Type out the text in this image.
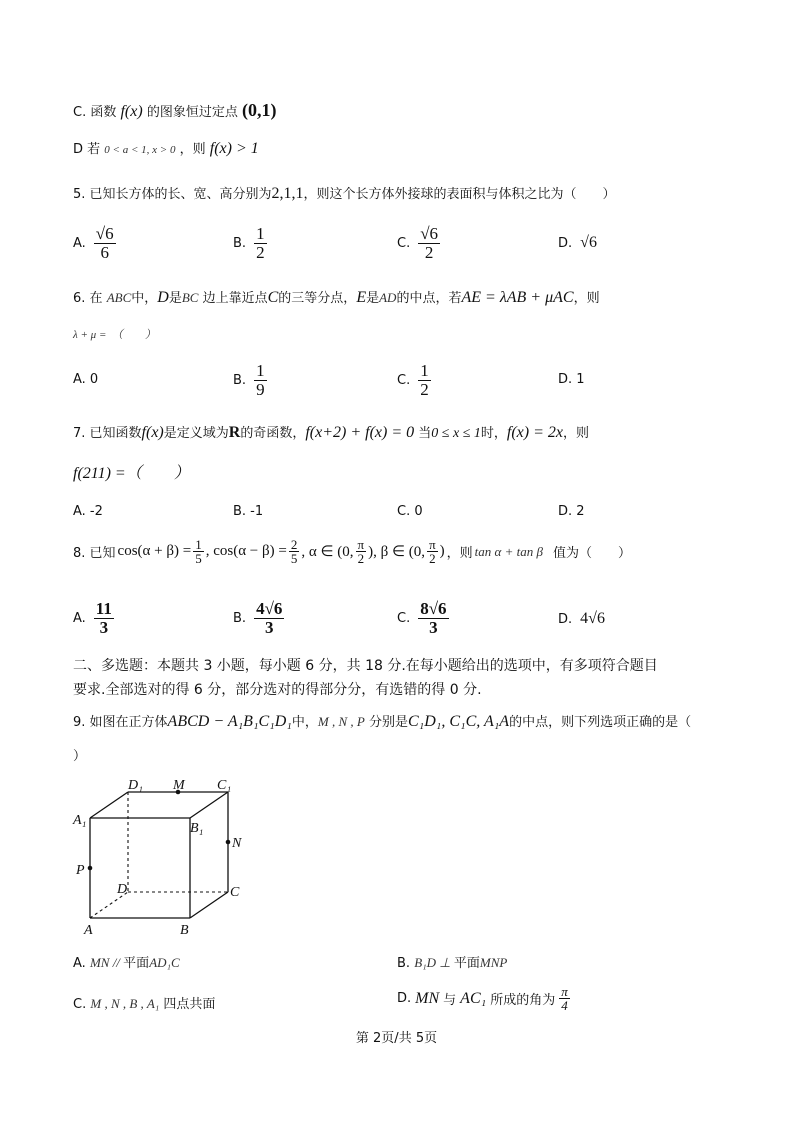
C. 函数 f(x) 的图象恒过定点 (0,1)
D 若 0 < a < 1, x > 0 ，则 f(x) > 1
5. 已知长方体的长、宽、高分别为2,1,1，则这个长方体外接球的表面积与体积之比为（　　）
A. $\frac{√6}{6}$	B. $\frac{1}{2}$	C. $\frac{√6}{2}$	D. √6
6. 在 ABC中，D是BC 边上靠近点C的三等分点，E是AD的中点，若AE = λAB + μAC，则
λ + μ =　（　　）
A. 0	B. $\frac{1}{9}$	C. $\frac{1}{2}$	D. 1
7. 已知函数f(x)是定义域为R的奇函数，f(x+2) + f(x) = 0 当0 ≤ x ≤ 1时，f(x) = 2x，则
f(211) =（　　）
A. -2	B. -1	C. 0	D. 2
8. 已知 $\cos(\alpha + \beta) = \frac{1}{5}$ , $\cos(\alpha - \beta) = \frac{2}{5}$ , α ∈ (0, $\frac{\pi}{2}$ ), β ∈ (0, $\frac{\pi}{2}$ ) ，则 tan α + tan β 值为（　　）
A. $\frac{11}{3}$	B. $\frac{4√6}{3}$	C. $\frac{8√6}{3}$	D. 4√6
二、多选题：本题共 3 小题，每小题 6 分，共 18 分.在每小题给出的选项中，有多项符合题目
要求.全部选对的得 6 分，部分选对的得部分分，有选错的得 0 分.
9. 如图在正方体ABCD − A₁B₁C₁D₁中，M , N , P 分别是C₁D₁, C₁C, A₁A的中点，则下列选项正确的是（
）
D₁ M C₁
A₁
B₁
N
P
D	C
A	B
A. MN // 平面AD₁C	B. B₁D ⊥ 平面MNP
C. M , N , B , A₁ 四点共面	D. MN 与 AC₁ 所成的角为 $\frac{\pi}{4}$
第 2页/共 5页
